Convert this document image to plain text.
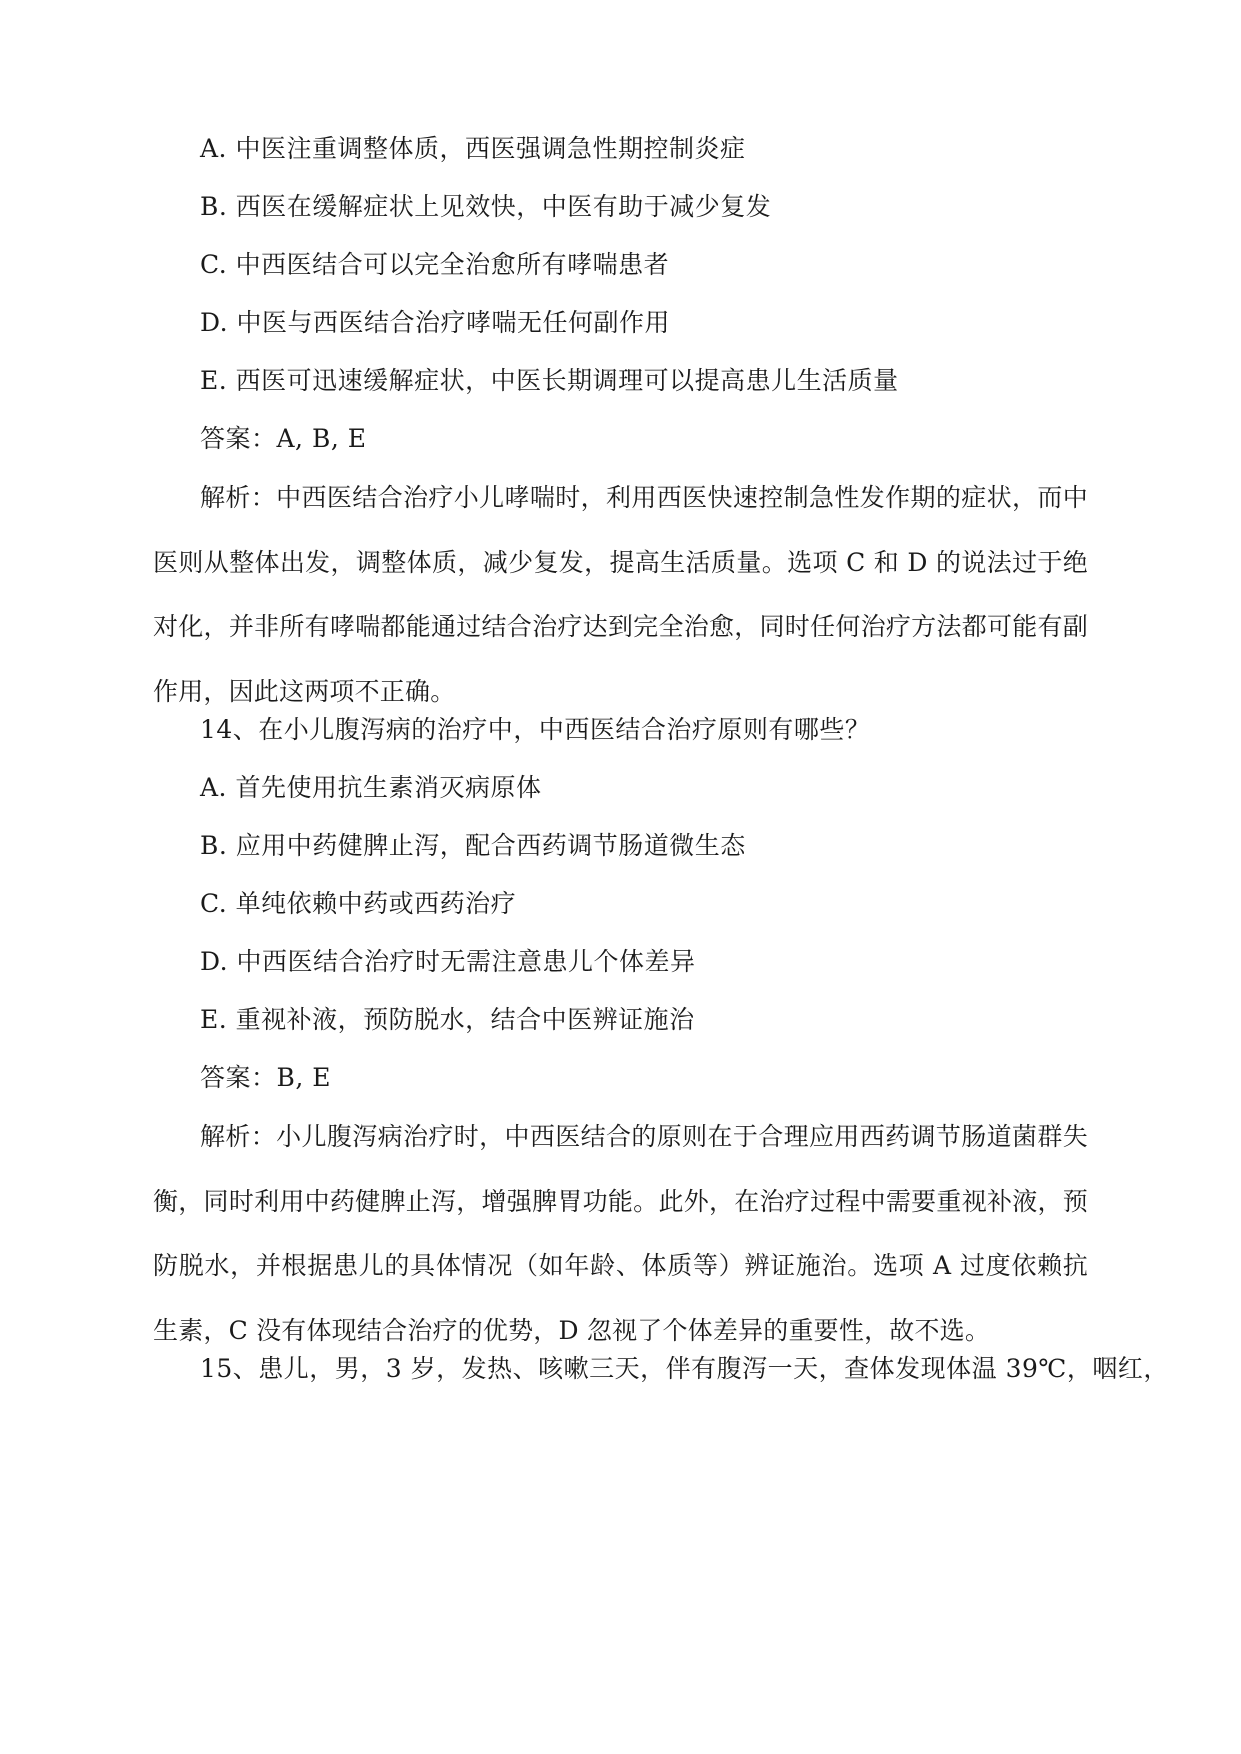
A. 中医注重调整体质，西医强调急性期控制炎症
B. 西医在缓解症状上见效快，中医有助于减少复发
C. 中西医结合可以完全治愈所有哮喘患者
D. 中医与西医结合治疗哮喘无任何副作用
E. 西医可迅速缓解症状，中医长期调理可以提高患儿生活质量
答案：A, B, E
解析：中西医结合治疗小儿哮喘时，利用西医快速控制急性发作期的症状，而中医则从整体出发，调整体质，减少复发，提高生活质量。选项 C 和 D 的说法过于绝对化，并非所有哮喘都能通过结合治疗达到完全治愈，同时任何治疗方法都可能有副作用，因此这两项不正确。
14、在小儿腹泻病的治疗中，中西医结合治疗原则有哪些？
A. 首先使用抗生素消灭病原体
B. 应用中药健脾止泻，配合西药调节肠道微生态
C. 单纯依赖中药或西药治疗
D. 中西医结合治疗时无需注意患儿个体差异
E. 重视补液，预防脱水，结合中医辨证施治
答案：B, E
解析：小儿腹泻病治疗时，中西医结合的原则在于合理应用西药调节肠道菌群失衡，同时利用中药健脾止泻，增强脾胃功能。此外，在治疗过程中需要重视补液，预防脱水，并根据患儿的具体情况（如年龄、体质等）辨证施治。选项 A 过度依赖抗生素，C 没有体现结合治疗的优势，D 忽视了个体差异的重要性，故不选。
15、患儿，男，3 岁，发热、咳嗽三天，伴有腹泻一天，查体发现体温 39℃，咽红，
